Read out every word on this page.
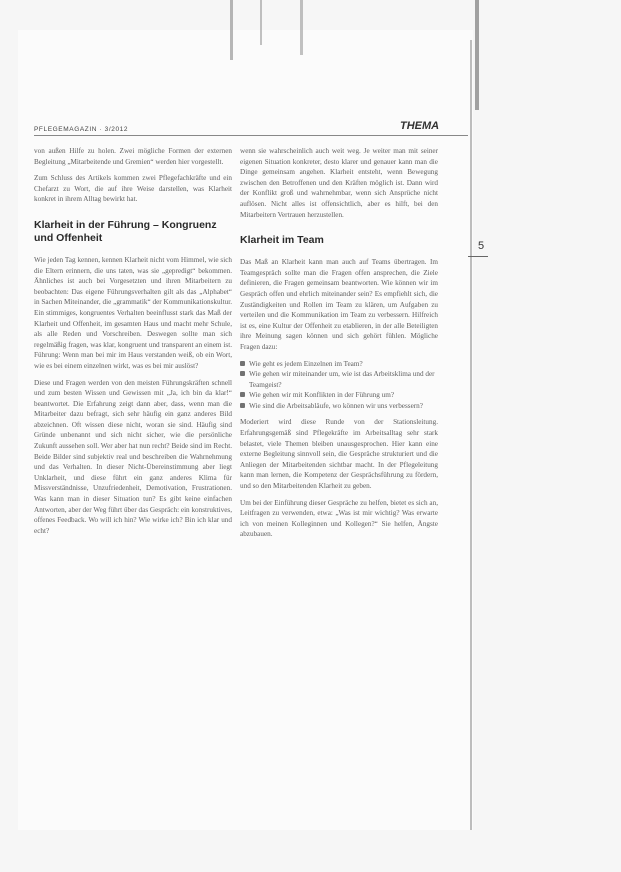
PFLEGEMAGAZIN · 3/2012	THEMA
5

von außen Hilfe zu holen. Zwei mögliche Formen der externen Begleitung „Mitarbeitende und Gremien“ werden hier vorgestellt.

Zum Schluss des Artikels kommen zwei Pflegefachkräfte und ein Chefarzt zu Wort, die auf ihre Weise darstellen, was Klarheit konkret in ihrem Alltag bewirkt hat.

Klarheit in der Führung – Kongruenz und Offenheit

Wie jeden Tag kennen, kennen Klarheit nicht vom Himmel, wie sich die Eltern erinnern, die uns taten, was sie „gepredigt“ bekommen. Ähnliches ist auch bei Vorgesetzten und ihren Mitarbeitern zu beobachten: Das eigene Führungsverhalten gilt als das „Alphabet“ in Sachen Miteinander, die „grammatik“ der Kommunikationskultur. Ein stimmiges, kongruentes Verhalten beeinflusst stark das Maß der Klarheit und Offenheit, im gesamten Haus und macht mehr Schule, als alle Reden und Vorschreiben. Deswegen sollte man sich regelmäßig fragen, was klar, kongruent und transparent an einem ist. Führung: Wenn man bei mir im Haus verstanden weiß, ob ein Wort, wie es bei einem einzelnen wirkt, was es bei mir auslöst?

Diese und Fragen werden von den meisten Führungskräften schnell und zum besten Wissen und Gewissen mit „Ja, ich bin da klar!“ beantwortet. Die Erfahrung zeigt dann aber, dass, wenn man die Mitarbeiter dazu befragt, sich sehr häufig ein ganz anderes Bild abzeichnen. Oft wissen diese nicht, woran sie sind. Häufig sind Gründe unbenannt und sich nicht sicher, wie die persönliche Zukunft aussehen soll. Wer aber hat nun recht? Beide sind im Recht. Beide Bilder sind subjektiv real und beschreiben die Wahrnehmung und das Verhalten. In dieser Nicht-Übereinstimmung aber liegt Unklarheit, und diese führt ein ganz anderes Klima für Missverständnisse, Unzufriedenheit, Demotivation, Frustrationen. Was kann man in dieser Situation tun? Es gibt keine einfachen Antworten, aber der Weg führt über das Gespräch: ein konstruktives, offenes Feedback. Wo will ich hin? Wie wirke ich? Bin ich klar und echt?

wenn sie wahrscheinlich auch weit weg. Je weiter man mit seiner eigenen Situation konkreter, desto klarer und genauer kann man die Dinge gemeinsam angehen. Klarheit entsteht, wenn Bewegung zwischen den Betroffenen und den Kräften möglich ist. Dann wird der Konflikt groß und wahrnehmbar, wenn sich Ansprüche nicht auflösen. Nicht alles ist offensichtlich, aber es hilft, bei den Mitarbeitern Vertrauen herzustellen.

Klarheit im Team

Das Maß an Klarheit kann man auch auf Teams übertragen. Im Teamgespräch sollte man die Fragen offen ansprechen, die Ziele definieren, die Fragen gemeinsam beantworten. Wie können wir im Gespräch offen und ehrlich miteinander sein? Es empfiehlt sich, die Zuständigkeiten und Rollen im Team zu klären, um Aufgaben zu verteilen und die Kommunikation im Team zu verbessern. Hilfreich ist es, eine Kultur der Offenheit zu etablieren, in der alle Beteiligten ihre Meinung sagen können und sich gehört fühlen. Mögliche Fragen dazu:

Wie geht es jedem Einzelnen im Team?
Wie gehen wir miteinander um, wie ist das Arbeitsklima und der Teamgeist?
Wie gehen wir mit Konflikten in der Führung um?
Wie sind die Arbeitsabläufe, wo können wir uns verbessern?

Moderiert wird diese Runde von der Stationsleitung. Erfahrungsgemäß sind Pflegekräfte im Arbeitsalltag sehr stark belastet, viele Themen bleiben unausgesprochen. Hier kann eine externe Begleitung sinnvoll sein, die Gespräche strukturiert und die Anliegen der Mitarbeitenden sichtbar macht. In der Pflegeleitung kann man lernen, die Kompetenz der Gesprächsführung zu fördern, und so den Mitarbeitenden Klarheit zu geben.

Um bei der Einführung dieser Gespräche zu helfen, bietet es sich an, Leitfragen zu verwenden, etwa: „Was ist mir wichtig? Was erwarte ich von meinen Kolleginnen und Kollegen?“ Sie helfen, Ängste abzubauen.
